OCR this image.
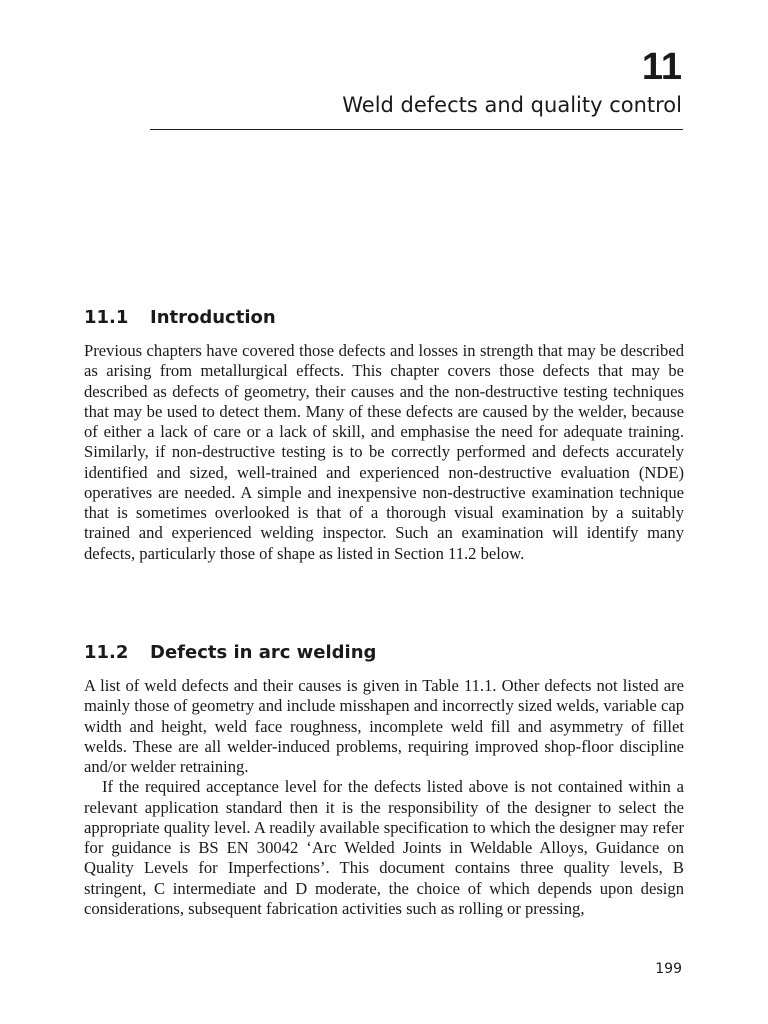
11
Weld defects and quality control
11.1 Introduction

Previous chapters have covered those defects and losses in strength that may be described as arising from metallurgical effects. This chapter covers those defects that may be described as defects of geometry, their causes and the non-destructive testing techniques that may be used to detect them. Many of these defects are caused by the welder, because of either a lack of care or a lack of skill, and emphasise the need for adequate training. Similarly, if non-destructive testing is to be correctly performed and defects accurately identified and sized, well-trained and experienced non-destructive evaluation (NDE) operatives are needed. A simple and inexpensive non-destructive examination technique that is sometimes overlooked is that of a thorough visual examination by a suitably trained and experienced welding inspector. Such an examination will identify many defects, particularly those of shape as listed in Section 11.2 below.

11.2 Defects in arc welding

A list of weld defects and their causes is given in Table 11.1. Other defects not listed are mainly those of geometry and include misshapen and incorrectly sized welds, variable cap width and height, weld face roughness, incomplete weld fill and asymmetry of fillet welds. These are all welder-induced problems, requiring improved shop-floor discipline and/or welder retraining.

If the required acceptance level for the defects listed above is not contained within a relevant application standard then it is the responsibility of the designer to select the appropriate quality level. A readily available specification to which the designer may refer for guidance is BS EN 30042 ‘Arc Welded Joints in Weldable Alloys, Guidance on Quality Levels for Imperfections’. This document contains three quality levels, B stringent, C intermediate and D moderate, the choice of which depends upon design considerations, subsequent fabrication activities such as rolling or pressing,

199
